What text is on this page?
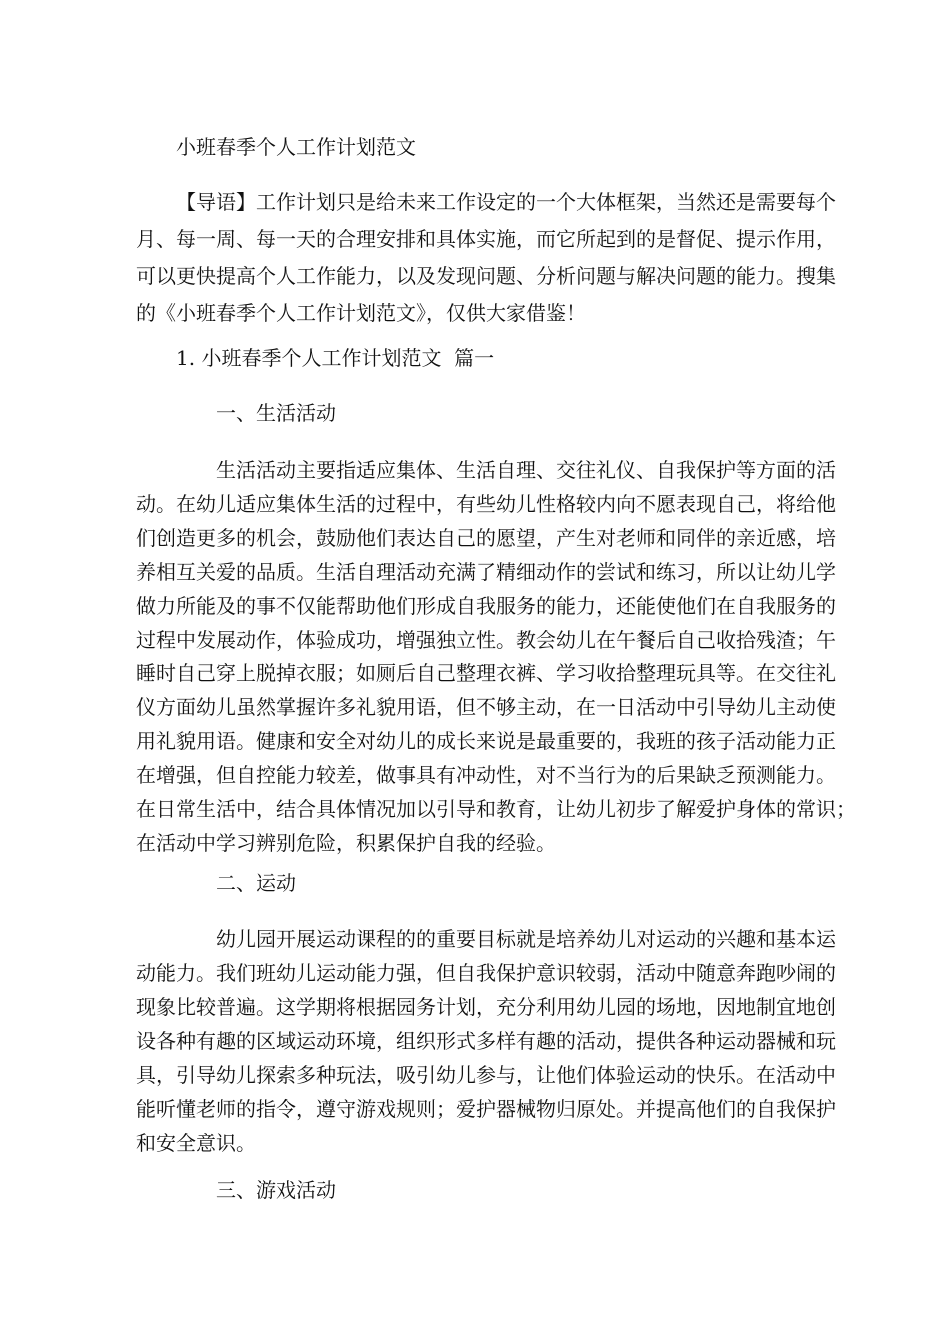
小班春季个人工作计划范文
【导语】工作计划只是给未来工作设定的一个大体框架，当然还是需要每个
月、每一周、每一天的合理安排和具体实施，而它所起到的是督促、提示作用，
可以更快提高个人工作能力，以及发现问题、分析问题与解决问题的能力。搜集
的《小班春季个人工作计划范文》，仅供大家借鉴！
1. 小班春季个人工作计划范文  篇一
一、生活活动
生活活动主要指适应集体、生活自理、交往礼仪、自我保护等方面的活
动。在幼儿适应集体生活的过程中，有些幼儿性格较内向不愿表现自己，将给他
们创造更多的机会，鼓励他们表达自己的愿望，产生对老师和同伴的亲近感，培
养相互关爱的品质。生活自理活动充满了精细动作的尝试和练习，所以让幼儿学
做力所能及的事不仅能帮助他们形成自我服务的能力，还能使他们在自我服务的
过程中发展动作，体验成功，增强独立性。教会幼儿在午餐后自己收拾残渣；午
睡时自己穿上脱掉衣服；如厕后自己整理衣裤、学习收拾整理玩具等。在交往礼
仪方面幼儿虽然掌握许多礼貌用语，但不够主动，在一日活动中引导幼儿主动使
用礼貌用语。健康和安全对幼儿的成长来说是最重要的，我班的孩子活动能力正
在增强，但自控能力较差，做事具有冲动性，对不当行为的后果缺乏预测能力。
在日常生活中，结合具体情况加以引导和教育，让幼儿初步了解爱护身体的常识；
在活动中学习辨别危险，积累保护自我的经验。
二、运动
幼儿园开展运动课程的的重要目标就是培养幼儿对运动的兴趣和基本运
动能力。我们班幼儿运动能力强，但自我保护意识较弱，活动中随意奔跑吵闹的
现象比较普遍。这学期将根据园务计划，充分利用幼儿园的场地，因地制宜地创
设各种有趣的区域运动环境，组织形式多样有趣的活动，提供各种运动器械和玩
具，引导幼儿探索多种玩法，吸引幼儿参与，让他们体验运动的快乐。在活动中
能听懂老师的指令，遵守游戏规则；爱护器械物归原处。并提高他们的自我保护
和安全意识。
三、游戏活动
